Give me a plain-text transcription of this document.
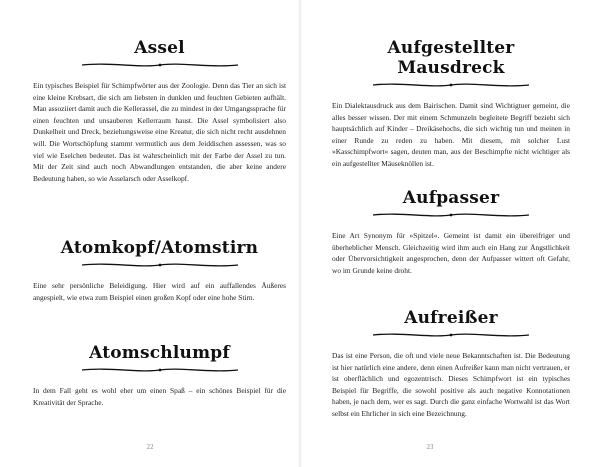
Assel
Ein typisches Beispiel für Schimpfwörter aus der Zoologie. Denn das Tier an sich ist eine kleine Krebsart, die sich am liebsten in dunklen und feuchten Gebieten aufhält. Man assoziiert damit auch die Kellerassel, die zu mindest in der Umgangssprache für einen feuchten und unsauberen Kellerraum haust. Die Assel symbolisiert also Dunkelheit und Dreck, beziehungsweise eine Kreatur, die sich nicht recht ausdehnen will. Die Wortschöpfung stammt vermutlich aus dem Jeiddischen assessen, was so viel wie Eselchen bedeutet. Das ist wahrscheinlich mit der Farbe der Assel zu tun. Mit der Zeit sind auch noch Abwandlungen entstanden, die aber keine andere Bedeutung haben, so wie Asselarsch oder Asselkopf.
Atomkopf/Atomstirn
Eine sehr persönliche Beleidigung. Hier wird auf ein auffallendes Äußeres angespielt, wie etwa zum Beispiel einen großen Kopf oder eine hohe Stirn.
Atomschlumpf
In dem Fall geht es wohl eher um einen Spaß – ein schönes Beispiel für die Kreativität der Sprache.
22
Aufgestellter Mausdreck
Ein Dialektausdruck aus dem Bairischen. Damit sind Wichtigtuer gemeint, die alles besser wissen. Der mit einem Schmunzeln begleitete Begriff bezieht sich hauptsächlich auf Kinder – Dreikäsehochs, die sich wichtig tun und meinen in einer Runde zu reden zu haben. Mit diesem, mit solcher Lust »Kasschimpfwort« sagen, deuten man, aus der Beschimpfte nicht wichtiger als ein aufgestellter Mäuseknöllen ist.
Aufpasser
Eine Art Synonym für »Spitzel«. Gemeint ist damit ein übereifriger und überheblicher Mensch. Gleichzeitig wird ihm auch ein Hang zur Ängstlichkeit oder Übervorsichtigkeit angesprochen, denn der Aufpasser wittert oft Gefahr, wo im Grunde keine droht.
Aufreißer
Das ist eine Person, die oft und viele neue Bekanntschaften ist. Die Bedeutung ist hier natürlich eine andere, denn einen Aufreißer kann man nicht vertrauen, er ist oberflächlich und egozentrisch. Dieses Schimpfwort ist ein typisches Beispiel für Begriffe, die sowohl positive als auch negative Konnotationen haben, je nach dem, wer es sagt. Durch die ganz einfache Wortwahl ist das Wort selbst ein Ehrlicher in sich eine Bezeichnung.
23
